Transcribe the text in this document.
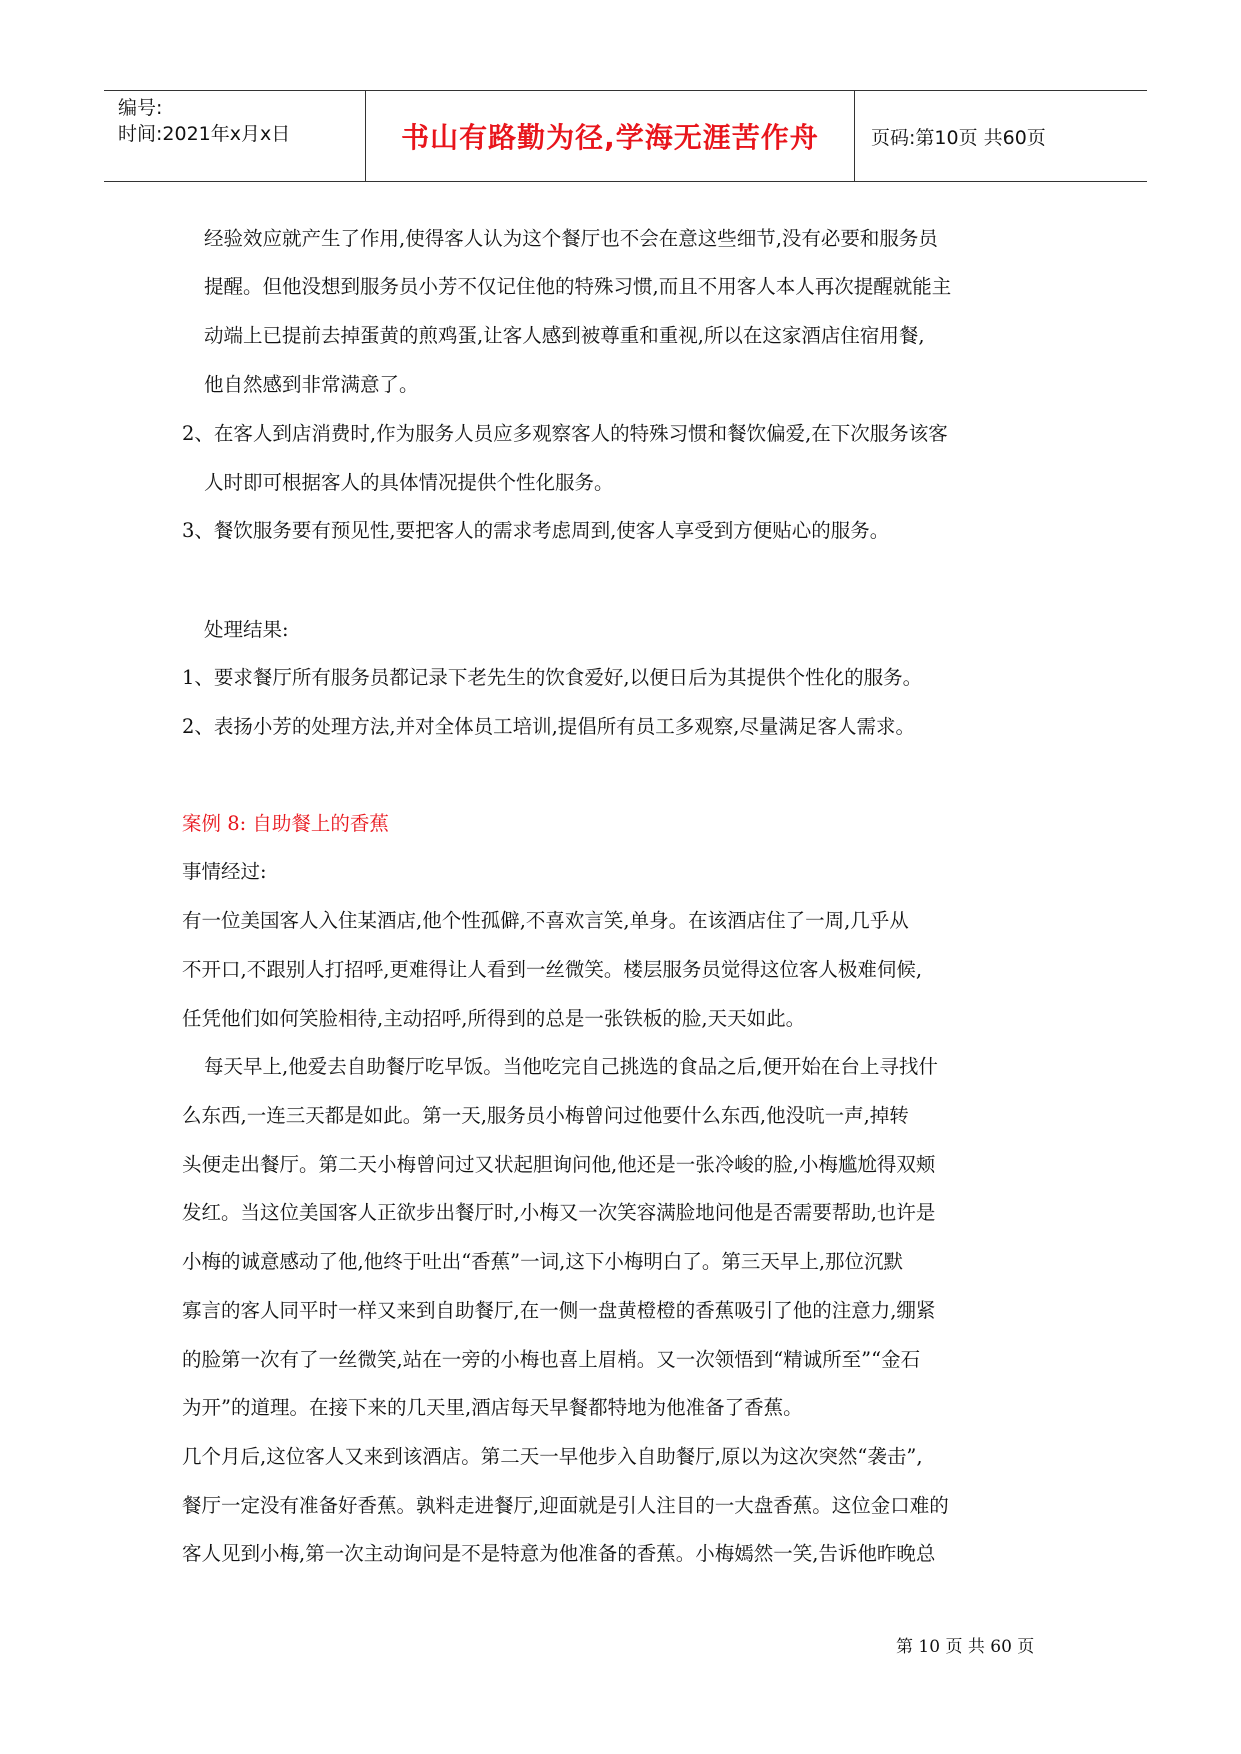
编号:
时间:2021年x月x日	书山有路勤为径,学海无涯苦作舟	页码:第10页 共60页
经验效应就产生了作用,使得客人认为这个餐厅也不会在意这些细节,没有必要和服务员
提醒。但他没想到服务员小芳不仅记住他的特殊习惯,而且不用客人本人再次提醒就能主
动端上已提前去掉蛋黄的煎鸡蛋,让客人感到被尊重和重视,所以在这家酒店住宿用餐,
他自然感到非常满意了。
2、在客人到店消费时,作为服务人员应多观察客人的特殊习惯和餐饮偏爱,在下次服务该客
人时即可根据客人的具体情况提供个性化服务。
3、餐饮服务要有预见性,要把客人的需求考虑周到,使客人享受到方便贴心的服务。
处理结果:
1、要求餐厅所有服务员都记录下老先生的饮食爱好,以便日后为其提供个性化的服务。
2、表扬小芳的处理方法,并对全体员工培训,提倡所有员工多观察,尽量满足客人需求。
案例 8: 自助餐上的香蕉
事情经过:
有一位美国客人入住某酒店,他个性孤僻,不喜欢言笑,单身。在该酒店住了一周,几乎从
不开口,不跟别人打招呼,更难得让人看到一丝微笑。楼层服务员觉得这位客人极难伺候,
任凭他们如何笑脸相待,主动招呼,所得到的总是一张铁板的脸,天天如此。
每天早上,他爱去自助餐厅吃早饭。当他吃完自己挑选的食品之后,便开始在台上寻找什
么东西,一连三天都是如此。第一天,服务员小梅曾问过他要什么东西,他没吭一声,掉转
头便走出餐厅。第二天小梅曾问过又状起胆询问他,他还是一张冷峻的脸,小梅尴尬得双颊
发红。当这位美国客人正欲步出餐厅时,小梅又一次笑容满脸地问他是否需要帮助,也许是
小梅的诚意感动了他,他终于吐出“香蕉”一词,这下小梅明白了。第三天早上,那位沉默
寡言的客人同平时一样又来到自助餐厅,在一侧一盘黄橙橙的香蕉吸引了他的注意力,绷紧
的脸第一次有了一丝微笑,站在一旁的小梅也喜上眉梢。又一次领悟到“精诚所至”“金石
为开”的道理。在接下来的几天里,酒店每天早餐都特地为他准备了香蕉。
几个月后,这位客人又来到该酒店。第二天一早他步入自助餐厅,原以为这次突然“袭击”,
餐厅一定没有准备好香蕉。孰料走进餐厅,迎面就是引人注目的一大盘香蕉。这位金口难的
客人见到小梅,第一次主动询问是不是特意为他准备的香蕉。小梅嫣然一笑,告诉他昨晚总
第 10 页 共 60 页
